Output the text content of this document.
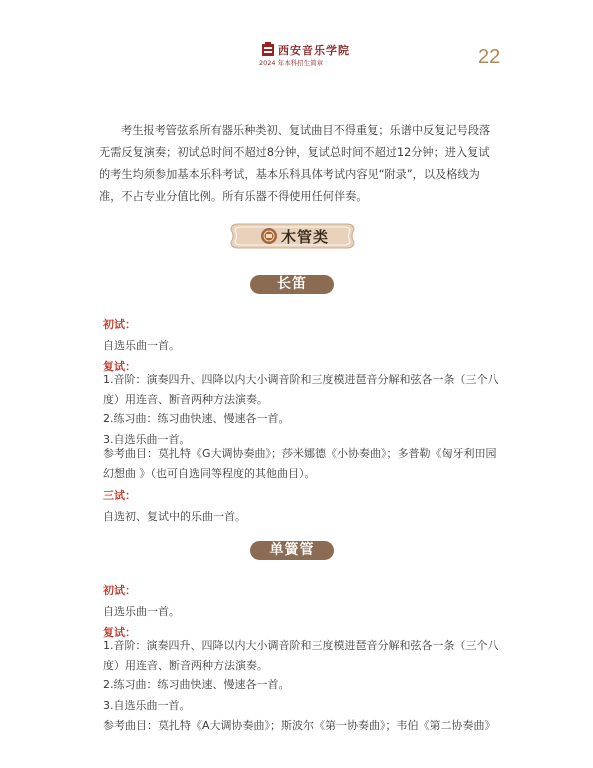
西安音乐学院
2024 年本科招生简章	22
考生报考管弦系所有器乐种类初、复试曲目不得重复；乐谱中反复记号段落无需反复演奏；初试总时间不超过8分钟，复试总时间不超过12分钟；进入复试的考生均须参加基本乐科考试，基本乐科具体考试内容见“附录”，以及格线为准，不占专业分值比例。所有乐器不得使用任何伴奏。
木管类
长笛
初试：
自选乐曲一首。
复试：
1.音阶：演奏四升、四降以内大小调音阶和三度模进琶音分解和弦各一条（三个八度）用连音、断音两种方法演奏。
2.练习曲：练习曲快速、慢速各一首。
3.自选乐曲一首。
参考曲目：莫扎特《G大调协奏曲》；莎米娜德《小协奏曲》；多普勒《匈牙利田园幻想曲 》（也可自选同等程度的其他曲目）。
三试：
自选初、复试中的乐曲一首。
单簧管
初试：
自选乐曲一首。
复试：
1.音阶：演奏四升、四降以内大小调音阶和三度模进琶音分解和弦各一条（三个八度）用连音、断音两种方法演奏。
2.练习曲：练习曲快速、慢速各一首。
3.自选乐曲一首。
参考曲目：莫扎特《A大调协奏曲》；斯波尔《第一协奏曲》；韦伯《第二协奏曲》
